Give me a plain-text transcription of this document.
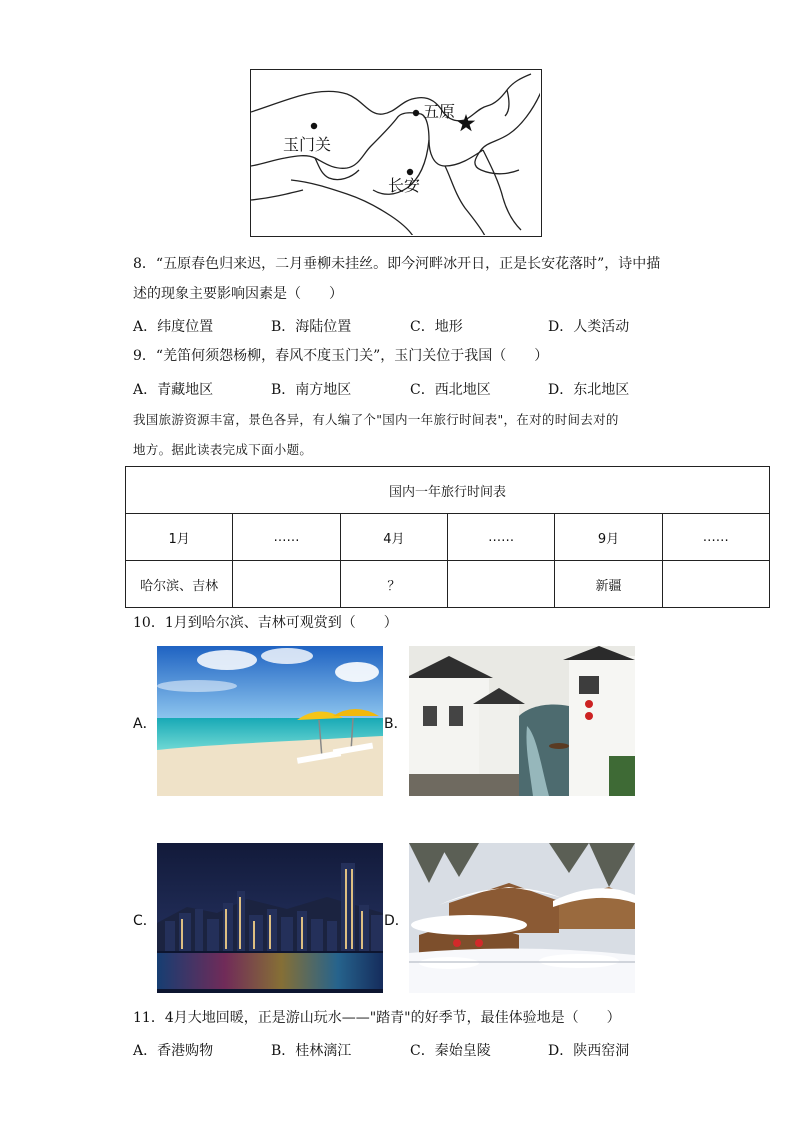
五原
玉门关
长安
8．“五原春色归来迟，二月垂柳未挂丝。即今河畔冰开日，正是长安花落时”，诗中描
述的现象主要影响因素是（　　）
A．纬度位置	B．海陆位置	C．地形	D．人类活动
9．“羌笛何须怨杨柳，春风不度玉门关”，玉门关位于我国（　　）
A．青藏地区	B．南方地区	C．西北地区	D．东北地区
我国旅游资源丰富，景色各异，有人编了个"国内一年旅行时间表"，在对的时间去对的
地方。据此读表完成下面小题。
国内一年旅行时间表					
1月	……	4月	……	9月	……
哈尔滨、吉林		？		新疆	
10．1月到哈尔滨、吉林可观赏到（　　）
A．	B．
C．	D．
11．4月大地回暖，正是游山玩水——"踏青"的好季节，最佳体验地是（　　）
A．香港购物	B．桂林漓江	C．秦始皇陵	D．陕西窑洞
